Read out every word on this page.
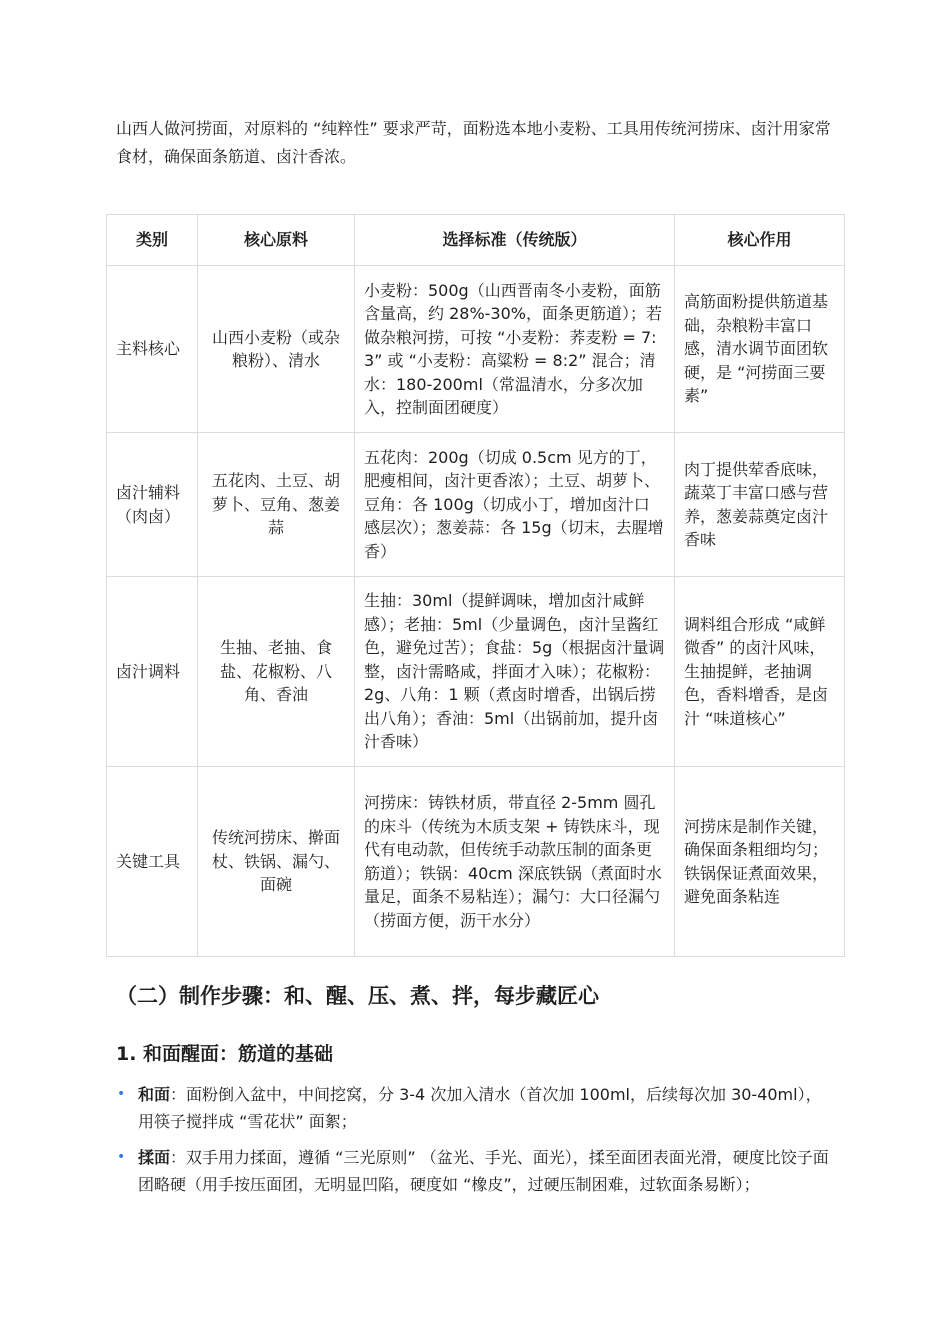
山西人做河捞面，对原料的 “纯粹性” 要求严苛，面粉选本地小麦粉、工具用传统河捞床、卤汁用家常食材，确保面条筋道、卤汁香浓。

类别	核心原料	选择标准（传统版）	核心作用
主料核心	山西小麦粉（或杂粮粉）、清水	小麦粉：500g（山西晋南冬小麦粉，面筋含量高，约 28%-30%，面条更筋道）；若做杂粮河捞，可按 “小麦粉：荞麦粉 = 7:3” 或 “小麦粉：高粱粉 = 8:2” 混合；清水：180-200ml（常温清水，分多次加入，控制面团硬度）	高筋面粉提供筋道基础，杂粮粉丰富口感，清水调节面团软硬，是 “河捞面三要素”
卤汁辅料（肉卤）	五花肉、土豆、胡萝卜、豆角、葱姜蒜	五花肉：200g（切成 0.5cm 见方的丁，肥瘦相间，卤汁更香浓）；土豆、胡萝卜、豆角：各 100g（切成小丁，增加卤汁口感层次）；葱姜蒜：各 15g（切末，去腥增香）	肉丁提供荤香底味，蔬菜丁丰富口感与营养，葱姜蒜奠定卤汁香味
卤汁调料	生抽、老抽、食盐、花椒粉、八角、香油	生抽：30ml（提鲜调味，增加卤汁咸鲜感）；老抽：5ml（少量调色，卤汁呈酱红色，避免过苦）；食盐：5g（根据卤汁量调整，卤汁需略咸，拌面才入味）；花椒粉：2g、八角：1 颗（煮卤时增香，出锅后捞出八角）；香油：5ml（出锅前加，提升卤汁香味）	调料组合形成 “咸鲜微香” 的卤汁风味，生抽提鲜，老抽调色，香料增香，是卤汁 “味道核心”
关键工具	传统河捞床、擀面杖、铁锅、漏勺、面碗	河捞床：铸铁材质，带直径 2-5mm 圆孔的床斗（传统为木质支架 + 铸铁床斗，现代有电动款，但传统手动款压制的面条更筋道）；铁锅：40cm 深底铁锅（煮面时水量足，面条不易粘连）；漏勺：大口径漏勺（捞面方便，沥干水分）	河捞床是制作关键，确保面条粗细均匀；铁锅保证煮面效果，避免面条粘连
（二）制作步骤：和、醒、压、煮、拌，每步藏匠心
1. 和面醒面：筋道的基础
• 和面：面粉倒入盆中，中间挖窝，分 3-4 次加入清水（首次加 100ml，后续每次加 30-40ml），用筷子搅拌成 “雪花状” 面絮；
• 揉面：双手用力揉面，遵循 “三光原则” （盆光、手光、面光），揉至面团表面光滑，硬度比饺子面团略硬（用手按压面团，无明显凹陷，硬度如 “橡皮”，过硬压制困难，过软面条易断）；
